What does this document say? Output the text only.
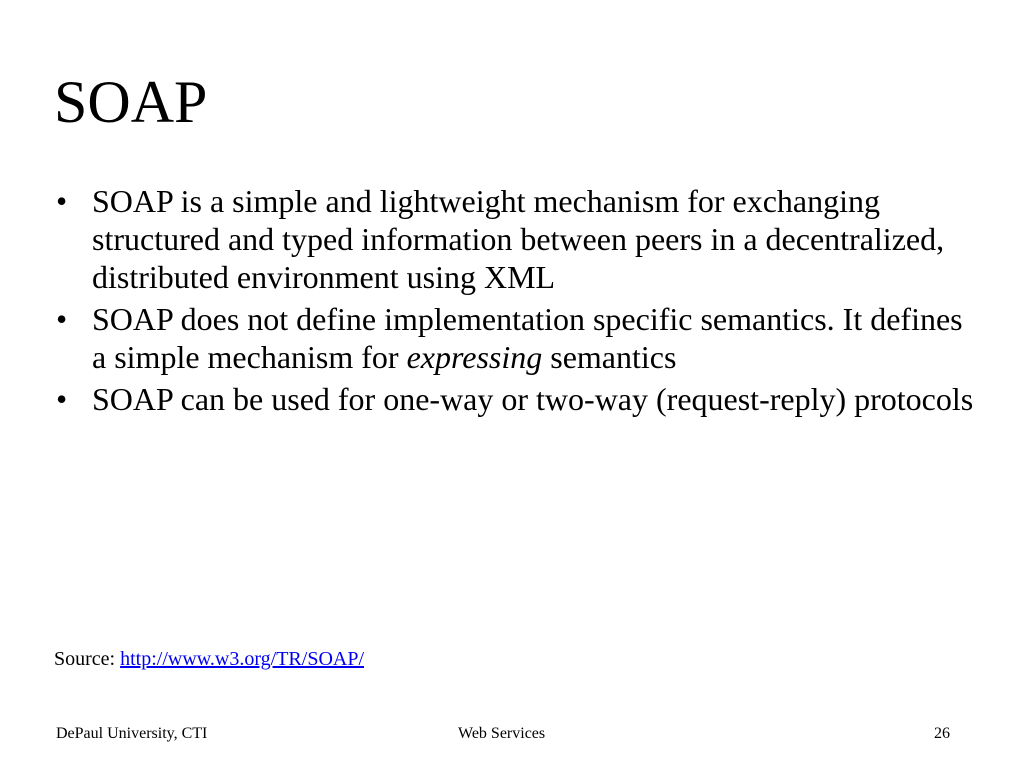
SOAP
• SOAP is a simple and lightweight mechanism for exchanging structured and typed information between peers in a decentralized, distributed environment using XML
• SOAP does not define implementation specific semantics. It defines a simple mechanism for expressing semantics
• SOAP can be used for one-way or two-way (request-reply) protocols
Source: http://www.w3.org/TR/SOAP/
DePaul University, CTI	Web Services	26
